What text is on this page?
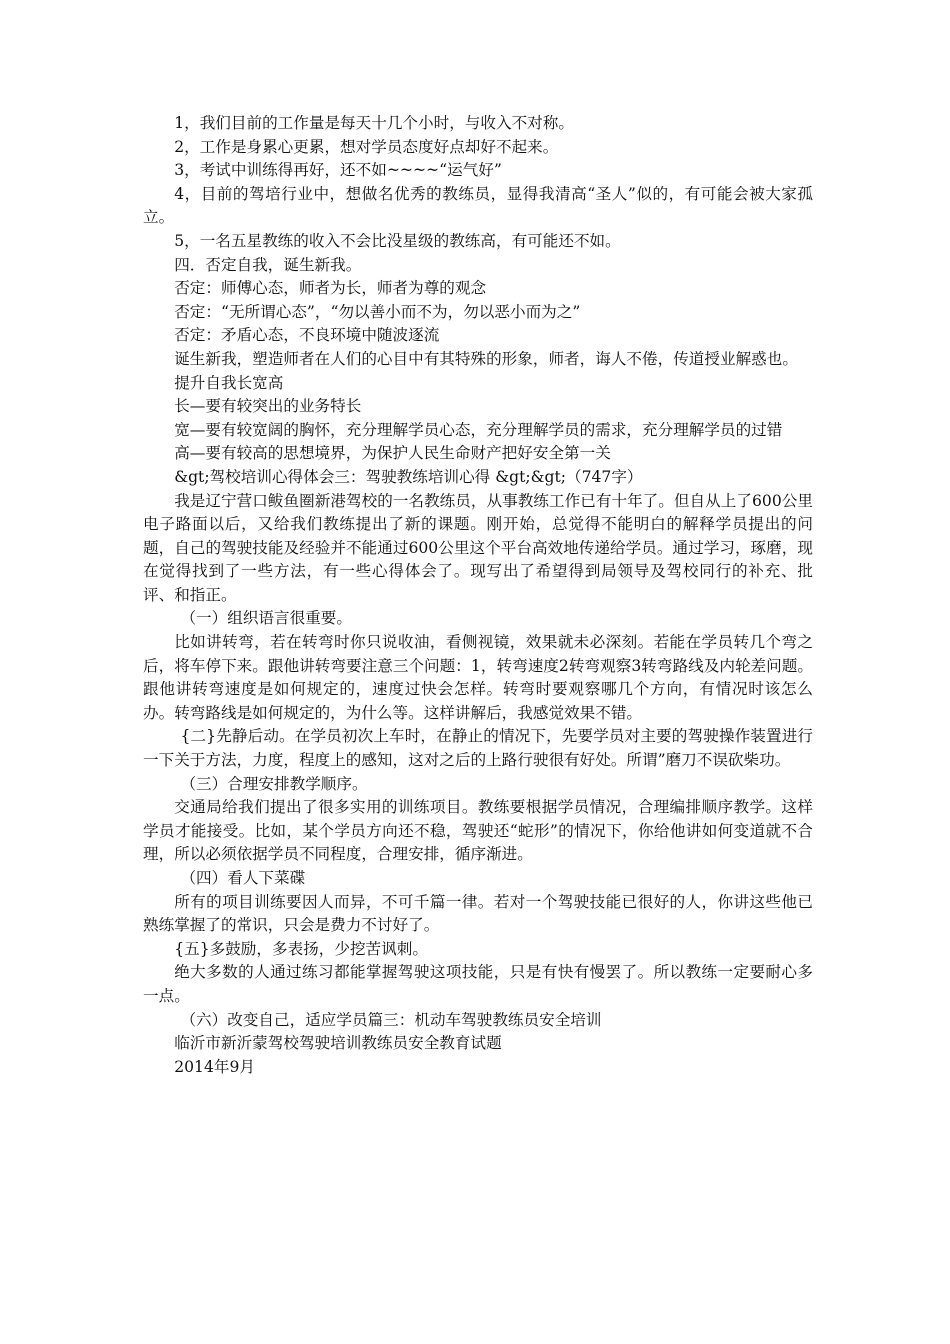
1，我们目前的工作量是每天十几个小时，与收入不对称。

2，工作是身累心更累，想对学员态度好点却好不起来。

3，考试中训练得再好，还不如~~~~“运气好”

4，目前的驾培行业中，想做名优秀的教练员，显得我清高“圣人”似的，有可能会被大家孤立。

5，一名五星教练的收入不会比没星级的教练高，有可能还不如。

四．否定自我，诞生新我。

否定：师傅心态，师者为长，师者为尊的观念

否定：“无所谓心态”，“勿以善小而不为，勿以恶小而为之”

否定：矛盾心态，不良环境中随波逐流

诞生新我，塑造师者在人们的心目中有其特殊的形象，师者，诲人不倦，传道授业解惑也。

提升自我长宽高

长—要有较突出的业务特长

宽—要有较宽阔的胸怀，充分理解学员心态，充分理解学员的需求，充分理解学员的过错

高—要有较高的思想境界，为保护人民生命财产把好安全第一关

&gt;驾校培训心得体会三：驾驶教练培训心得 &gt;&gt;（747字）

我是辽宁营口鲅鱼圈新港驾校的一名教练员，从事教练工作已有十年了。但自从上了600公里电子路面以后，又给我们教练提出了新的课题。刚开始，总觉得不能明白的解释学员提出的问题，自己的驾驶技能及经验并不能通过600公里这个平台高效地传递给学员。通过学习，琢磨，现在觉得找到了一些方法，有一些心得体会了。现写出了希望得到局领导及驾校同行的补充、批评、和指正。

（一）组织语言很重要。

比如讲转弯，若在转弯时你只说收油，看侧视镜，效果就未必深刻。若能在学员转几个弯之后，将车停下来。跟他讲转弯要注意三个问题：1，转弯速度2转弯观察3转弯路线及内轮差问题。跟他讲转弯速度是如何规定的，速度过快会怎样。转弯时要观察哪几个方向，有情况时该怎么办。转弯路线是如何规定的，为什么等。这样讲解后，我感觉效果不错。

{二}先静后动。在学员初次上车时，在静止的情况下，先要学员对主要的驾驶操作装置进行一下关于方法，力度，程度上的感知，这对之后的上路行驶很有好处。所谓”磨刀不误砍柴功。

（三）合理安排教学顺序。

交通局给我们提出了很多实用的训练项目。教练要根据学员情况，合理编排顺序教学。这样学员才能接受。比如，某个学员方向还不稳，驾驶还“蛇形”的情况下，你给他讲如何变道就不合理，所以必须依据学员不同程度，合理安排，循序渐进。

（四）看人下菜碟

所有的项目训练要因人而异，不可千篇一律。若对一个驾驶技能已很好的人，你讲这些他已熟练掌握了的常识，只会是费力不讨好了。

{五}多鼓励，多表扬，少挖苦讽刺。

绝大多数的人通过练习都能掌握驾驶这项技能，只是有快有慢罢了。所以教练一定要耐心多一点。

（六）改变自己，适应学员篇三：机动车驾驶教练员安全培训

临沂市新沂蒙驾校驾驶培训教练员安全教育试题

2014年9月
